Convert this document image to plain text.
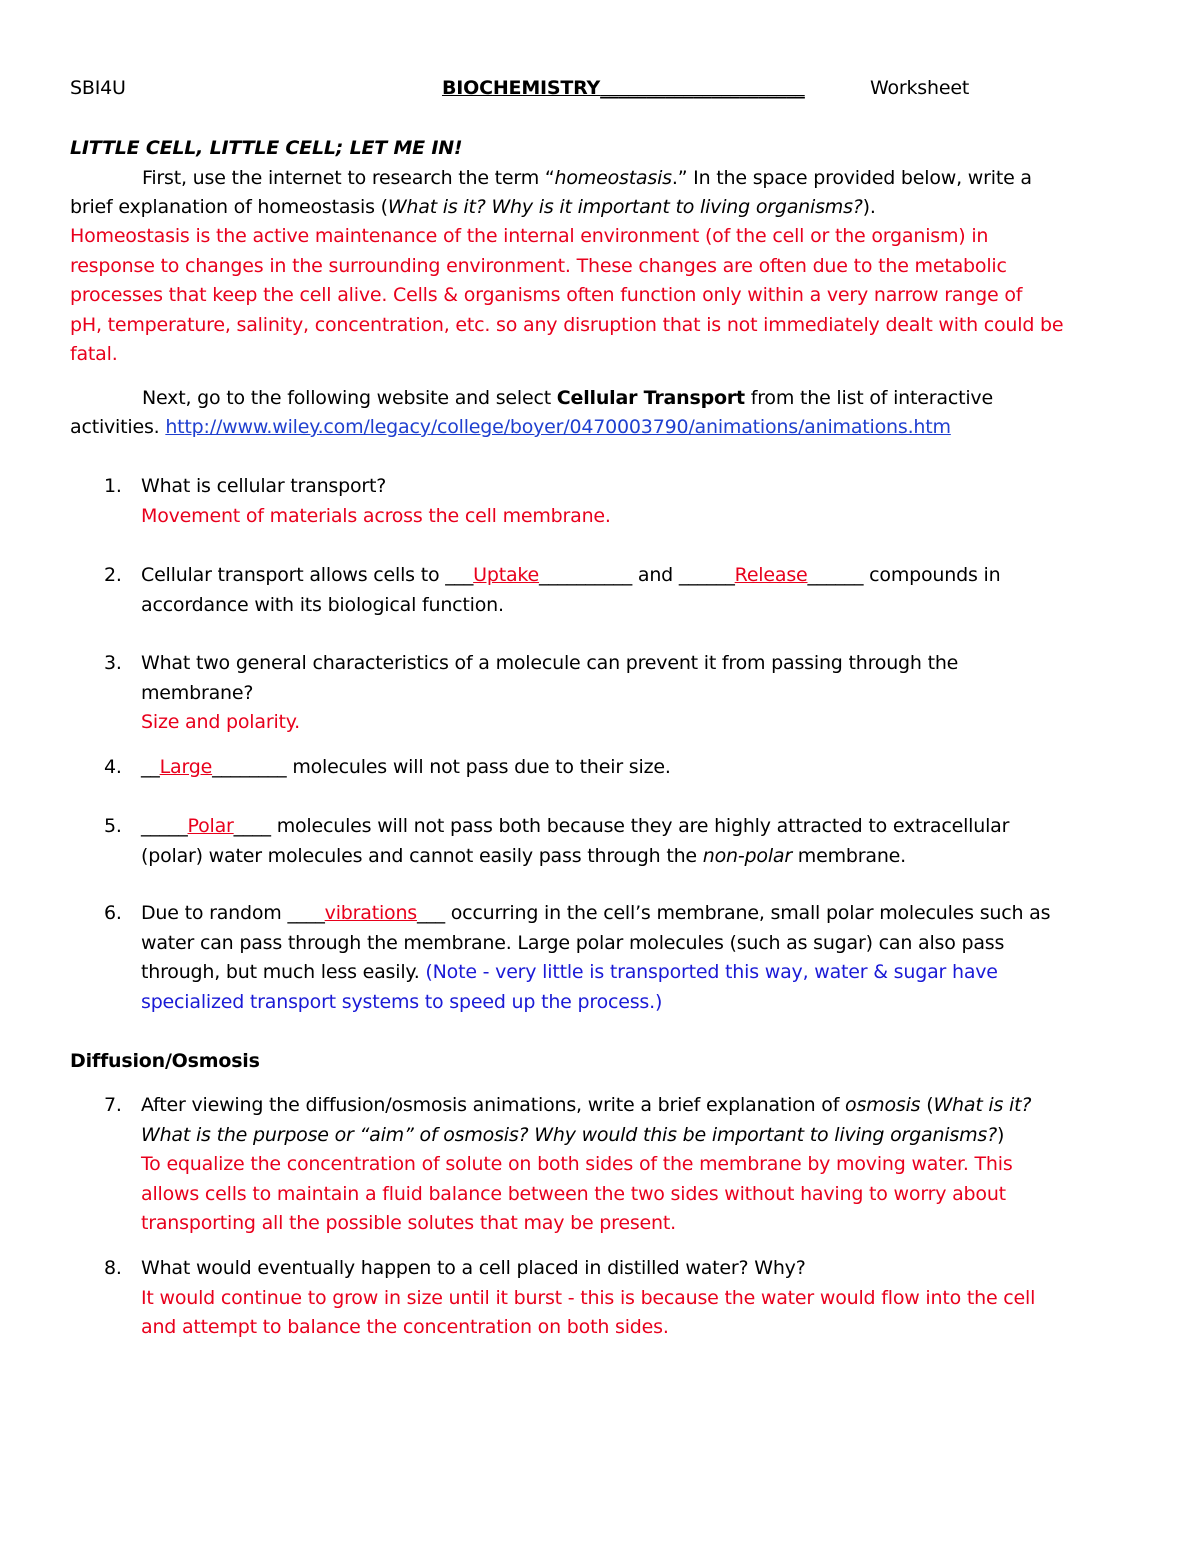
SBI4U	BIOCHEMISTRY______________________	Worksheet
LITTLE CELL, LITTLE CELL; LET ME IN!
First, use the internet to research the term “homeostasis.” In the space provided below, write a
brief explanation of homeostasis (What is it? Why is it important to living organisms?).
Homeostasis is the active maintenance of the internal environment (of the cell or the organism) in
response to changes in the surrounding environment. These changes are often due to the metabolic
processes that keep the cell alive. Cells & organisms often function only within a very narrow range of
pH, temperature, salinity, concentration, etc. so any disruption that is not immediately dealt with could be
fatal.
Next, go to the following website and select Cellular Transport from the list of interactive
activities. http://www.wiley.com/legacy/college/boyer/0470003790/animations/animations.htm
1.	What is cellular transport?
Movement of materials across the cell membrane.
2.	Cellular transport allows cells to ___Uptake__________ and ______Release______ compounds in
accordance with its biological function.
3.	What two general characteristics of a molecule can prevent it from passing through the
membrane?
Size and polarity.
4.	__Large________ molecules will not pass due to their size.
5.	_____Polar____ molecules will not pass both because they are highly attracted to extracellular
(polar) water molecules and cannot easily pass through the non-polar membrane.
6.	Due to random ____vibrations___ occurring in the cell’s membrane, small polar molecules such as
water can pass through the membrane. Large polar molecules (such as sugar) can also pass
through, but much less easily. (Note - very little is transported this way, water & sugar have
specialized transport systems to speed up the process.)
Diffusion/Osmosis
7.	After viewing the diffusion/osmosis animations, write a brief explanation of osmosis (What is it?
What is the purpose or “aim” of osmosis? Why would this be important to living organisms?)
To equalize the concentration of solute on both sides of the membrane by moving water. This
allows cells to maintain a fluid balance between the two sides without having to worry about
transporting all the possible solutes that may be present.
8.	What would eventually happen to a cell placed in distilled water? Why?
It would continue to grow in size until it burst - this is because the water would flow into the cell
and attempt to balance the concentration on both sides.
